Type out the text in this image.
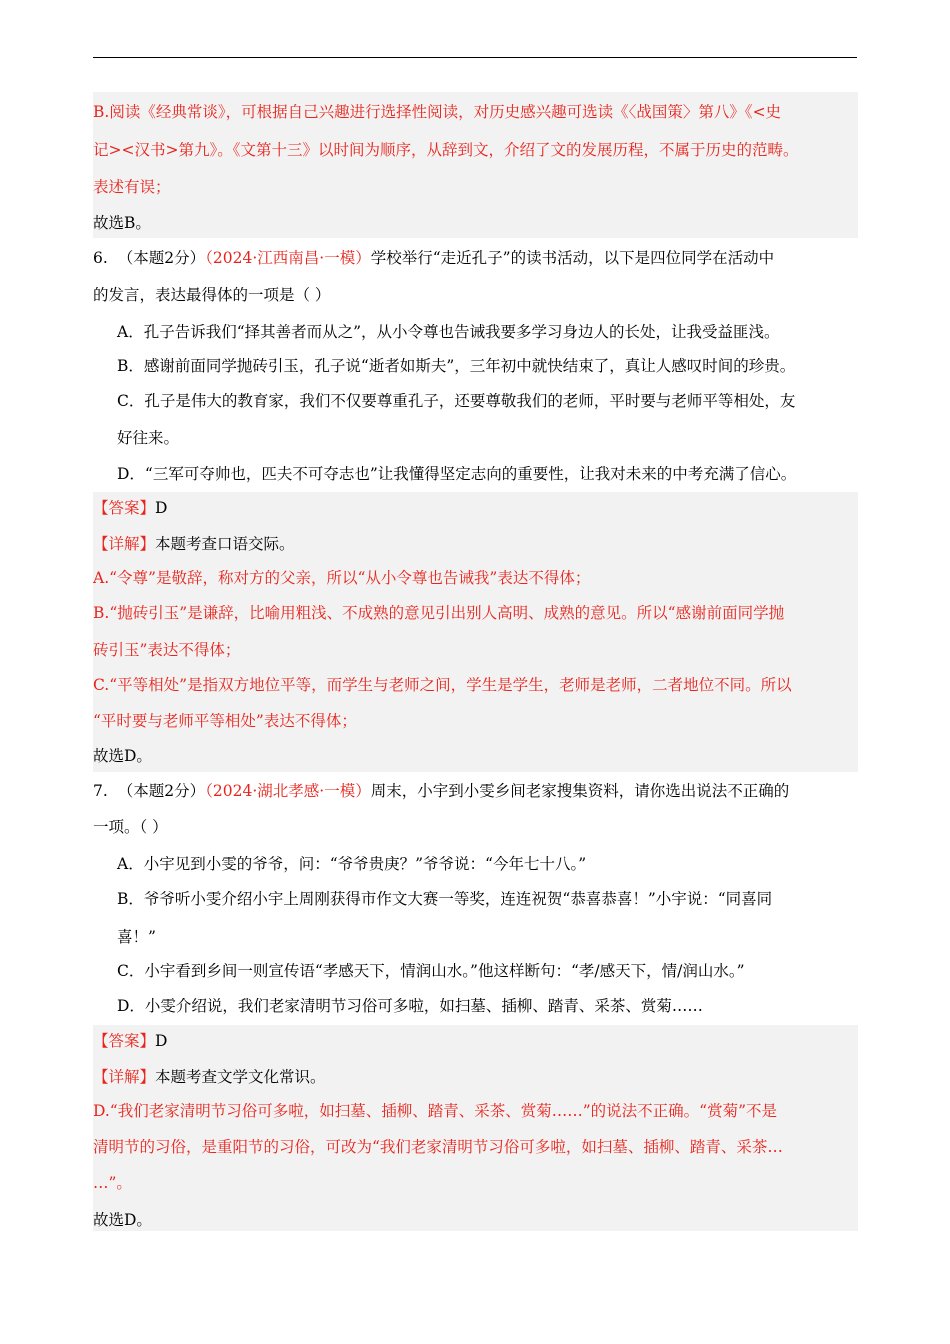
B.阅读《经典常谈》，可根据自己兴趣进行选择性阅读，对历史感兴趣可选读《〈战国策〉第八》《<史
记><汉书>第九》。《文第十三》以时间为顺序，从辞到文，介绍了文的发展历程，不属于历史的范畴。
表述有误；
故选B。
6. （本题2分）（2024·江西南昌·一模）学校举行“走近孔子”的读书活动，以下是四位同学在活动中
的发言，表达最得体的一项是（ ）
A．孔子告诉我们“择其善者而从之”，从小令尊也告诫我要多学习身边人的长处，让我受益匪浅。
B．感谢前面同学抛砖引玉，孔子说“逝者如斯夫”，三年初中就快结束了，真让人感叹时间的珍贵。
C．孔子是伟大的教育家，我们不仅要尊重孔子，还要尊敬我们的老师，平时要与老师平等相处，友
好往来。
D．“三军可夺帅也，匹夫不可夺志也”让我懂得坚定志向的重要性，让我对未来的中考充满了信心。
【答案】D
【详解】本题考查口语交际。
A.“令尊”是敬辞，称对方的父亲，所以“从小令尊也告诫我”表达不得体；
B.“抛砖引玉”是谦辞，比喻用粗浅、不成熟的意见引出别人高明、成熟的意见。所以“感谢前面同学抛
砖引玉”表达不得体；
C.“平等相处”是指双方地位平等，而学生与老师之间，学生是学生，老师是老师，二者地位不同。所以
“平时要与老师平等相处”表达不得体；
故选D。
7. （本题2分）（2024·湖北孝感·一模）周末，小宇到小雯乡间老家搜集资料，请你选出说法不正确的
一项。（ ）
A．小宇见到小雯的爷爷，问：“爷爷贵庚？”爷爷说：“今年七十八。”
B．爷爷听小雯介绍小宇上周刚获得市作文大赛一等奖，连连祝贺“恭喜恭喜！”小宇说：“同喜同
喜！”
C．小宇看到乡间一则宣传语“孝感天下，情润山水。”他这样断句：“孝/感天下，情/润山水。”
D．小雯介绍说，我们老家清明节习俗可多啦，如扫墓、插柳、踏青、采茶、赏菊……
【答案】D
【详解】本题考查文学文化常识。
D.“我们老家清明节习俗可多啦，如扫墓、插柳、踏青、采茶、赏菊……”的说法不正确。“赏菊”不是
清明节的习俗，是重阳节的习俗，可改为“我们老家清明节习俗可多啦，如扫墓、插柳、踏青、采茶…
…”。
故选D。
